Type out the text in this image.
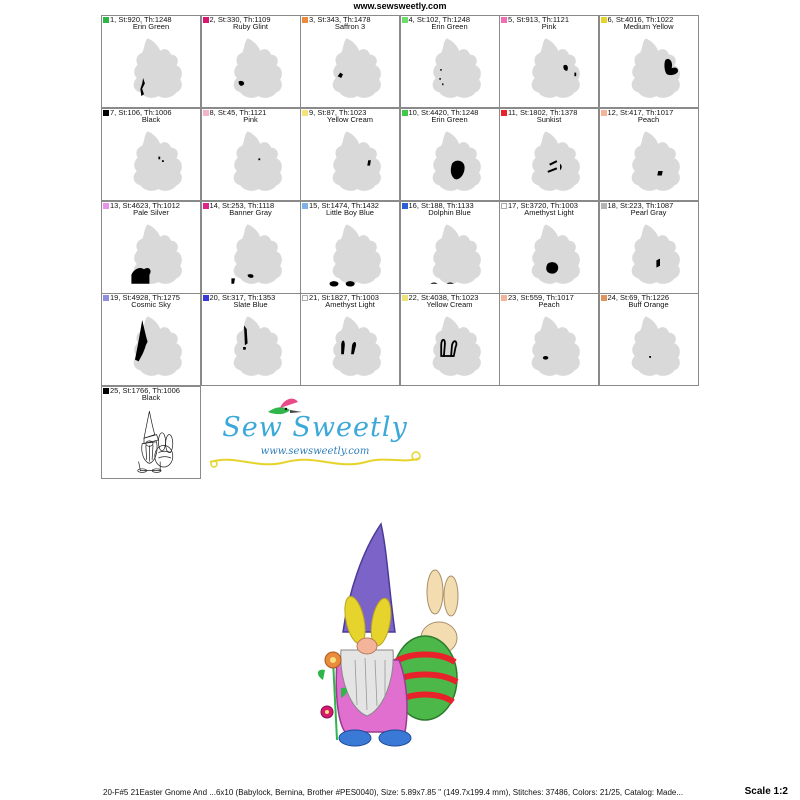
www.sewsweetly.com
1, St:920, Th:1248
Erin Green
2, St:330, Th:1109
Ruby Glint
3, St:343, Th:1478
Saffron 3
4, St:102, Th:1248
Erin Green
5, St:913, Th:1121
Pink
6, St:4016, Th:1022
Medium Yellow
7, St:106, Th:1006
Black
8, St:45, Th:1121
Pink
9, St:87, Th:1023
Yellow Cream
10, St:4420, Th:1248
Erin Green
11, St:1802, Th:1378
Sunkist
12, St:417, Th:1017
Peach
13, St:4623, Th:1012
Pale Silver
14, St:253, Th:1118
Banner Gray
15, St:1474, Th:1432
Little Boy Blue
16, St:188, Th:1133
Dolphin Blue
17, St:3720, Th:1003
Amethyst Light
18, St:223, Th:1087
Pearl Gray
19, St:4928, Th:1275
Cosmic Sky
20, St:317, Th:1353
Slate Blue
21, St:1827, Th:1003
Amethyst Light
22, St:4038, Th:1023
Yellow Cream
23, St:559, Th:1017
Peach
24, St:69, Th:1226
Buff Orange
25, St:1766, Th:1006
Black
Sew Sweetly
www.sewsweetly.com
20-F#5 21Easter Gnome And ...6x10 (Babylock, Bernina, Brother #PES0040), Size: 5.89x7.85 " (149.7x199.4 mm), Stitches: 37486, Colors: 21/25, Catalog: Made...	Scale 1:2
